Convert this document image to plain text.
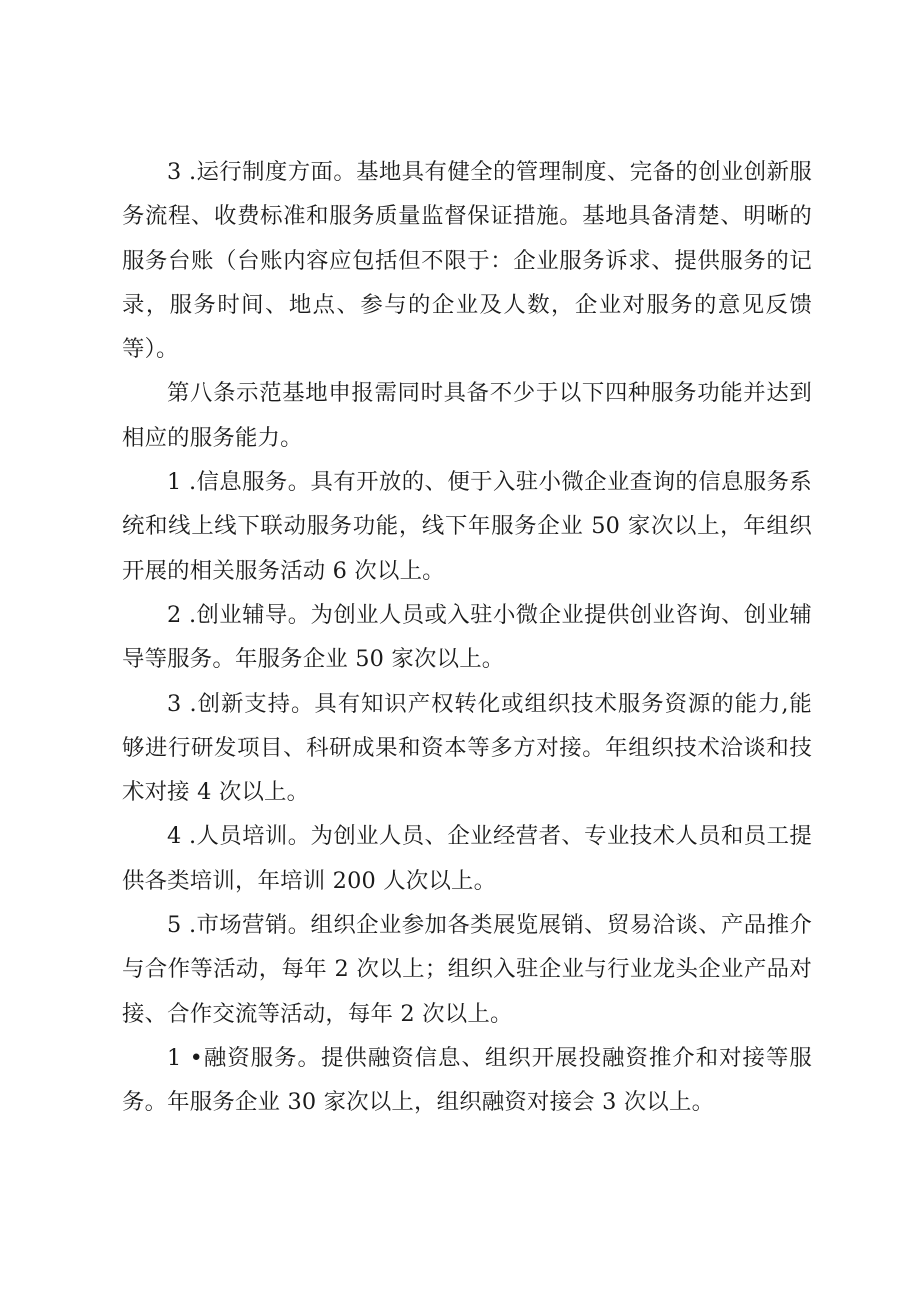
3 .运行制度方面。基地具有健全的管理制度、完备的创业创新服务流程、收费标准和服务质量监督保证措施。基地具备清楚、明晰的服务台账（台账内容应包括但不限于：企业服务诉求、提供服务的记录，服务时间、地点、参与的企业及人数，企业对服务的意见反馈等）。

第八条示范基地申报需同时具备不少于以下四种服务功能并达到相应的服务能力。

1 .信息服务。具有开放的、便于入驻小微企业查询的信息服务系统和线上线下联动服务功能，线下年服务企业 50 家次以上，年组织开展的相关服务活动 6 次以上。

2 .创业辅导。为创业人员或入驻小微企业提供创业咨询、创业辅导等服务。年服务企业 50 家次以上。

3 .创新支持。具有知识产权转化或组织技术服务资源的能力,能够进行研发项目、科研成果和资本等多方对接。年组织技术洽谈和技术对接 4 次以上。

4 .人员培训。为创业人员、企业经营者、专业技术人员和员工提供各类培训，年培训 200 人次以上。

5 .市场营销。组织企业参加各类展览展销、贸易洽谈、产品推介与合作等活动，每年 2 次以上；组织入驻企业与行业龙头企业产品对接、合作交流等活动，每年 2 次以上。

1 •融资服务。提供融资信息、组织开展投融资推介和对接等服务。年服务企业 30 家次以上，组织融资对接会 3 次以上。
